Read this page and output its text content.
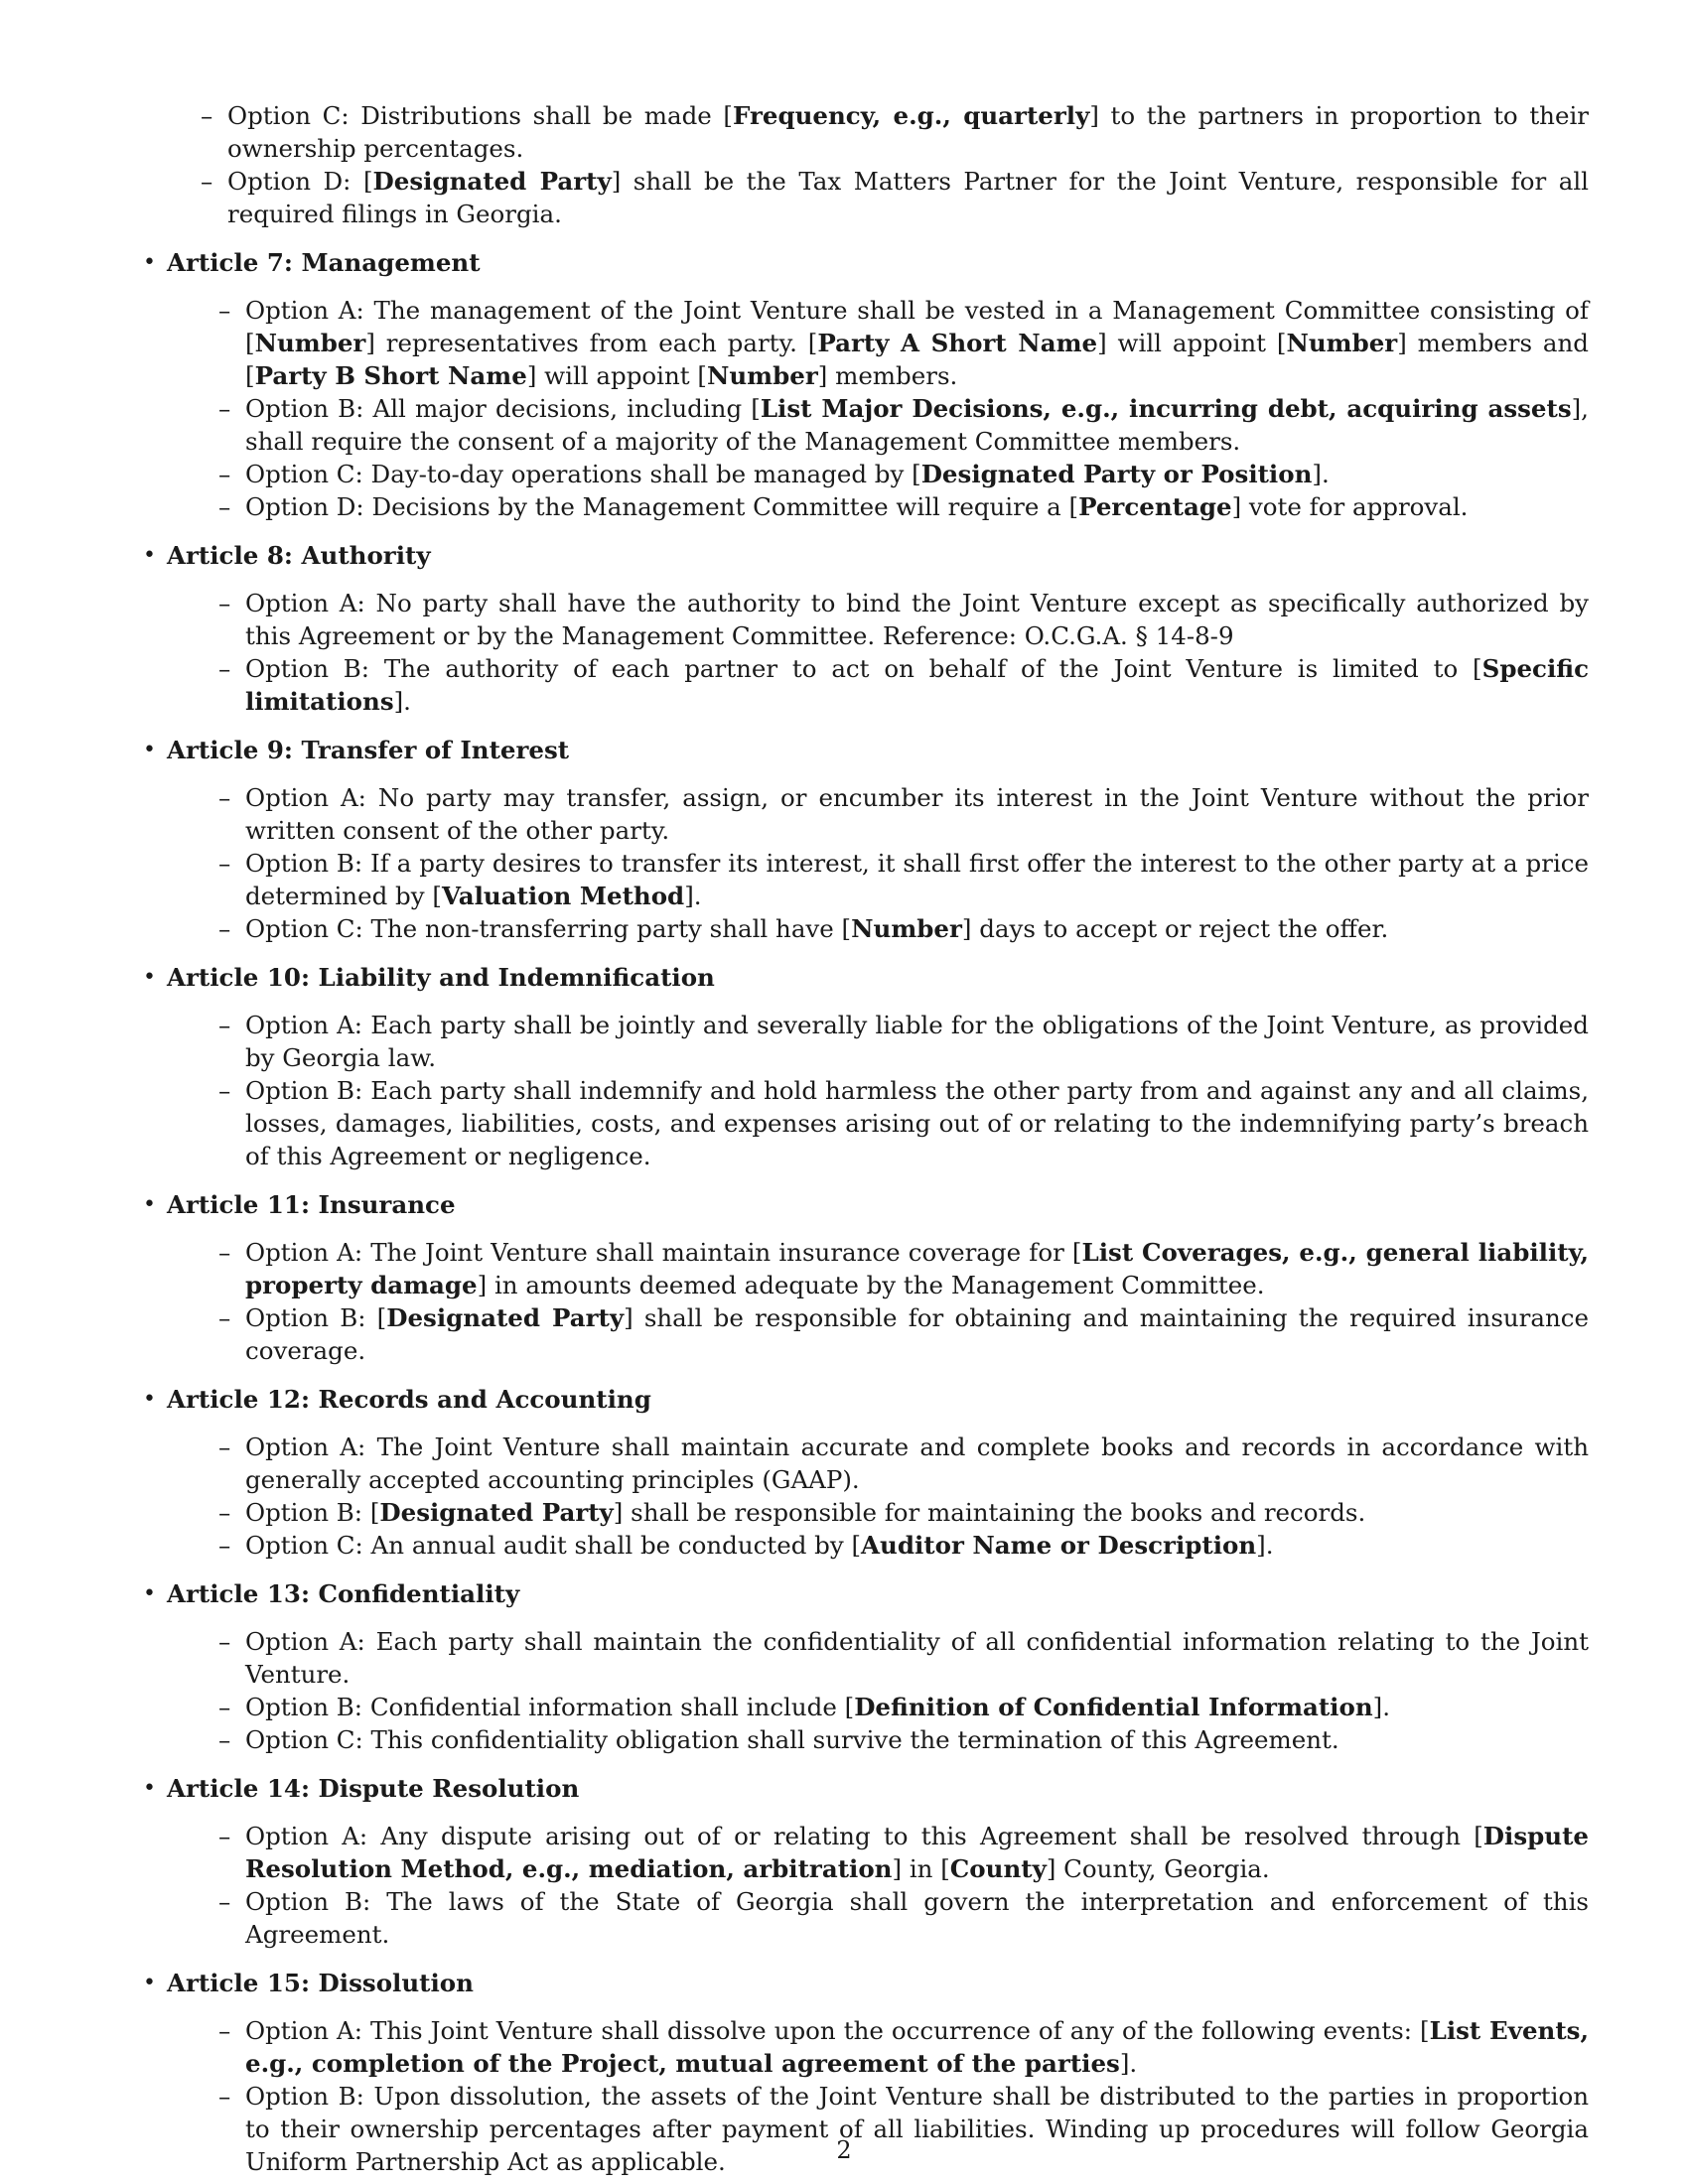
– Option C: Distributions shall be made [Frequency, e.g., quarterly] to the partners in proportion to their ownership percentages.
– Option D: [Designated Party] shall be the Tax Matters Partner for the Joint Venture, responsible for all required filings in Georgia.
• Article 7: Management
– Option A: The management of the Joint Venture shall be vested in a Management Committee consisting of [Number] representatives from each party. [Party A Short Name] will appoint [Number] members and [Party B Short Name] will appoint [Number] members.
– Option B: All major decisions, including [List Major Decisions, e.g., incurring debt, acquiring assets], shall require the consent of a majority of the Management Committee members.
– Option C: Day-to-day operations shall be managed by [Designated Party or Position].
– Option D: Decisions by the Management Committee will require a [Percentage] vote for approval.
• Article 8: Authority
– Option A: No party shall have the authority to bind the Joint Venture except as specifically authorized by this Agreement or by the Management Committee. Reference: O.C.G.A. § 14-8-9
– Option B: The authority of each partner to act on behalf of the Joint Venture is limited to [Specific limitations].
• Article 9: Transfer of Interest
– Option A: No party may transfer, assign, or encumber its interest in the Joint Venture without the prior written consent of the other party.
– Option B: If a party desires to transfer its interest, it shall first offer the interest to the other party at a price determined by [Valuation Method].
– Option C: The non-transferring party shall have [Number] days to accept or reject the offer.
• Article 10: Liability and Indemnification
– Option A: Each party shall be jointly and severally liable for the obligations of the Joint Venture, as provided by Georgia law.
– Option B: Each party shall indemnify and hold harmless the other party from and against any and all claims, losses, damages, liabilities, costs, and expenses arising out of or relating to the indemnifying party’s breach of this Agreement or negligence.
• Article 11: Insurance
– Option A: The Joint Venture shall maintain insurance coverage for [List Coverages, e.g., general liability, property damage] in amounts deemed adequate by the Management Committee.
– Option B: [Designated Party] shall be responsible for obtaining and maintaining the required insurance coverage.
• Article 12: Records and Accounting
– Option A: The Joint Venture shall maintain accurate and complete books and records in accordance with generally accepted accounting principles (GAAP).
– Option B: [Designated Party] shall be responsible for maintaining the books and records.
– Option C: An annual audit shall be conducted by [Auditor Name or Description].
• Article 13: Confidentiality
– Option A: Each party shall maintain the confidentiality of all confidential information relating to the Joint Venture.
– Option B: Confidential information shall include [Definition of Confidential Information].
– Option C: This confidentiality obligation shall survive the termination of this Agreement.
• Article 14: Dispute Resolution
– Option A: Any dispute arising out of or relating to this Agreement shall be resolved through [Dispute Resolution Method, e.g., mediation, arbitration] in [County] County, Georgia.
– Option B: The laws of the State of Georgia shall govern the interpretation and enforcement of this Agreement.
• Article 15: Dissolution
– Option A: This Joint Venture shall dissolve upon the occurrence of any of the following events: [List Events, e.g., completion of the Project, mutual agreement of the parties].
– Option B: Upon dissolution, the assets of the Joint Venture shall be distributed to the parties in proportion to their ownership percentages after payment of all liabilities. Winding up procedures will follow Georgia Uniform Partnership Act as applicable.	2
